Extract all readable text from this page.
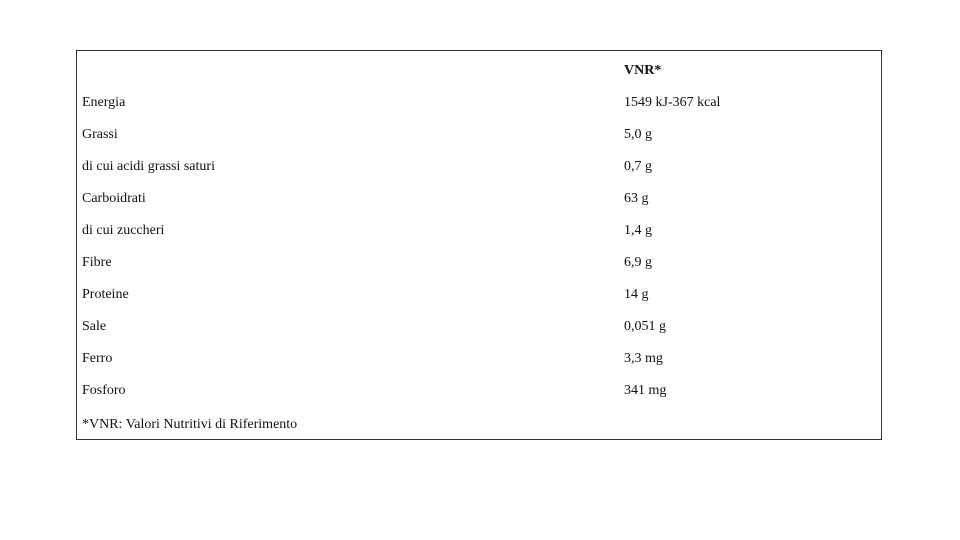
VNR*
Energia	1549 kJ-367 kcal
Grassi	5,0 g
di cui acidi grassi saturi	0,7 g
Carboidrati	63 g
di cui zuccheri	1,4 g
Fibre	6,9 g
Proteine	14 g
Sale	0,051 g
Ferro	3,3 mg
Fosforo	341 mg
*VNR: Valori Nutritivi di Riferimento
